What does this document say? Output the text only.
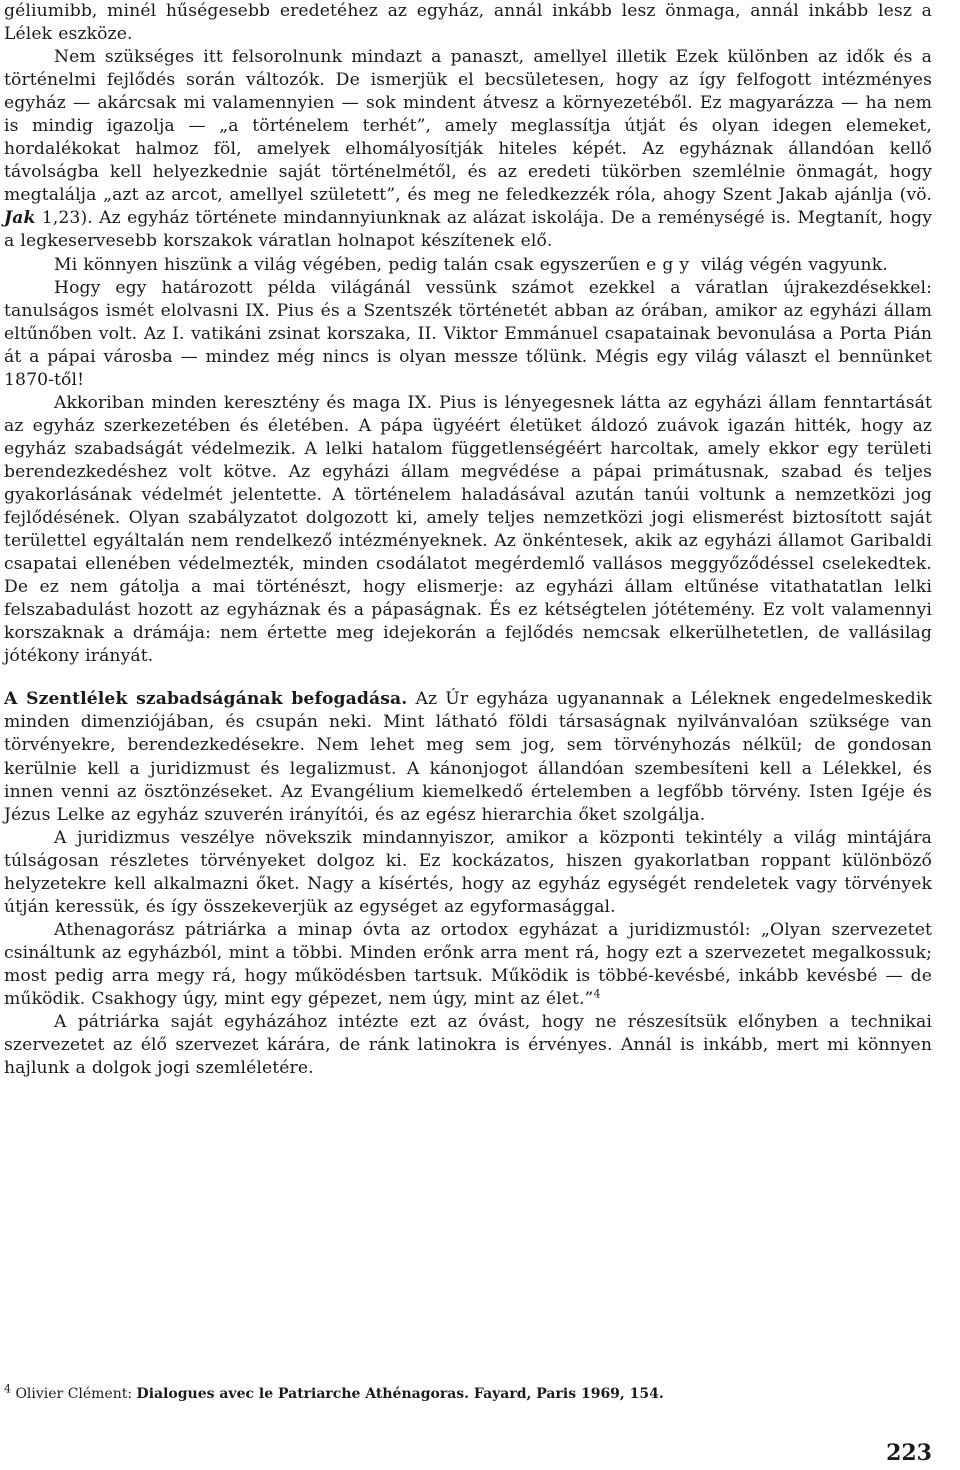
géliumibb, minél hűségesebb eredetéhez az egyház, annál inkább lesz önmaga, annál inkább lesz a Lélek eszköze.

Nem szükséges itt felsorolnunk mindazt a panaszt, amellyel illetik Ezek különben az idők és a történelmi fejlődés során változók. De ismerjük el becsületesen, hogy az így felfogott intézményes egyház — akárcsak mi valamennyien — sok mindent átvesz a környezetéből. Ez magyarázza — ha nem is mindig igazolja — „a történelem terhét”, amely meglassítja útját és olyan idegen elemeket, hordalékokat halmoz föl, amelyek elhomályosítják hiteles képét. Az egyháznak állandóan kellő távolságba kell helyezkednie saját történelmétől, és az eredeti tükörben szemlélnie önmagát, hogy megtalálja „azt az arcot, amellyel született”, és meg ne feledkezzék róla, ahogy Szent Jakab ajánlja (vö. Jak 1,23). Az egyház története mindannyiunknak az alázat iskolája. De a reménységé is. Megtanít, hogy a legkeservesebb korszakok váratlan holnapot készítenek elő.

Mi könnyen hiszünk a világ végében, pedig talán csak egyszerűen egy világ végén vagyunk.

Hogy egy határozott példa világánál vessünk számot ezekkel a váratlan újrakezdésekkel: tanulságos ismét elolvasni IX. Pius és a Szentszék történetét abban az órában, amikor az egyházi állam eltűnőben volt. Az I. vatikáni zsinat korszaka, II. Viktor Emmánuel csapatainak bevonulása a Porta Pián át a pápai városba — mindez még nincs is olyan messze tőlünk. Mégis egy világ választ el bennünket 1870-től!

Akkoriban minden keresztény és maga IX. Pius is lényegesnek látta az egyházi állam fenntartását az egyház szerkezetében és életében. A pápa ügyéért életüket áldozó zuávok igazán hitték, hogy az egyház szabadságát védelmezik. A lelki hatalom függetlenségéért harcoltak, amely ekkor egy területi berendezkedéshez volt kötve. Az egyházi állam megvédése a pápai primátusnak, szabad és teljes gyakorlásának védelmét jelentette. A történelem haladásával azután tanúi voltunk a nemzetközi jog fejlődésének. Olyan szabályzatot dolgozott ki, amely teljes nemzetközi jogi elismerést biztosított saját területtel egyáltalán nem rendelkező intézményeknek. Az önkéntesek, akik az egyházi államot Garibaldi csapatai ellenében védelmezték, minden csodálatot megérdemlő vallásos meggyőződéssel cselekedtek. De ez nem gátolja a mai történészt, hogy elismerje: az egyházi állam eltűnése vitathatatlan lelki felszabadulást hozott az egyháznak és a pápaságnak. És ez kétségtelen jótétemény. Ez volt valamennyi korszaknak a drámája: nem értette meg idejekorán a fejlődés nemcsak elkerülhetetlen, de vallásilag jótékony irányát.

A Szentlélek szabadságának befogadása. Az Úr egyháza ugyanannak a Léleknek engedelmeskedik minden dimenziójában, és csupán neki. Mint látható földi társaságnak nyilvánvalóan szüksége van törvényekre, berendezkedésekre. Nem lehet meg sem jog, sem törvényhozás nélkül; de gondosan kerülnie kell a juridizmust és legalizmust. A kánonjogot állandóan szembesíteni kell a Lélekkel, és innen venni az ösztönzéseket. Az Evangélium kiemelkedő értelemben a legfőbb törvény. Isten Igéje és Jézus Lelke az egyház szuverén irányítói, és az egész hierarchia őket szolgálja.

A juridizmus veszélye növekszik mindannyiszor, amikor a központi tekintély a világ mintájára túlságosan részletes törvényeket dolgoz ki. Ez kockázatos, hiszen gyakorlatban roppant különböző helyzetekre kell alkalmazni őket. Nagy a kísértés, hogy az egyház egységét rendeletek vagy törvények útján keressük, és így összekeverjük az egységet az egyformasággal.

Athenagorász pátriárka a minap óvta az ortodox egyházat a juridizmustól: „Olyan szervezetet csináltunk az egyházból, mint a többi. Minden erőnk arra ment rá, hogy ezt a szervezetet megalkossuk; most pedig arra megy rá, hogy működésben tartsuk. Működik is többé-kevésbé, inkább kevésbé — de működik. Csakhogy úgy, mint egy gépezet, nem úgy, mint az élet.”$^4$

A pátriárka saját egyházához intézte ezt az óvást, hogy ne részesítsük előnyben a technikai szervezetet az élő szervezet kárára, de ránk latinokra is érvényes. Annál is inkább, mert mi könnyen hajlunk a dolgok jogi szemléletére.

$^4$ Olivier Clément: Dialogues avec le Patriarche Athénagoras. Fayard, Paris 1969, 154.
223
